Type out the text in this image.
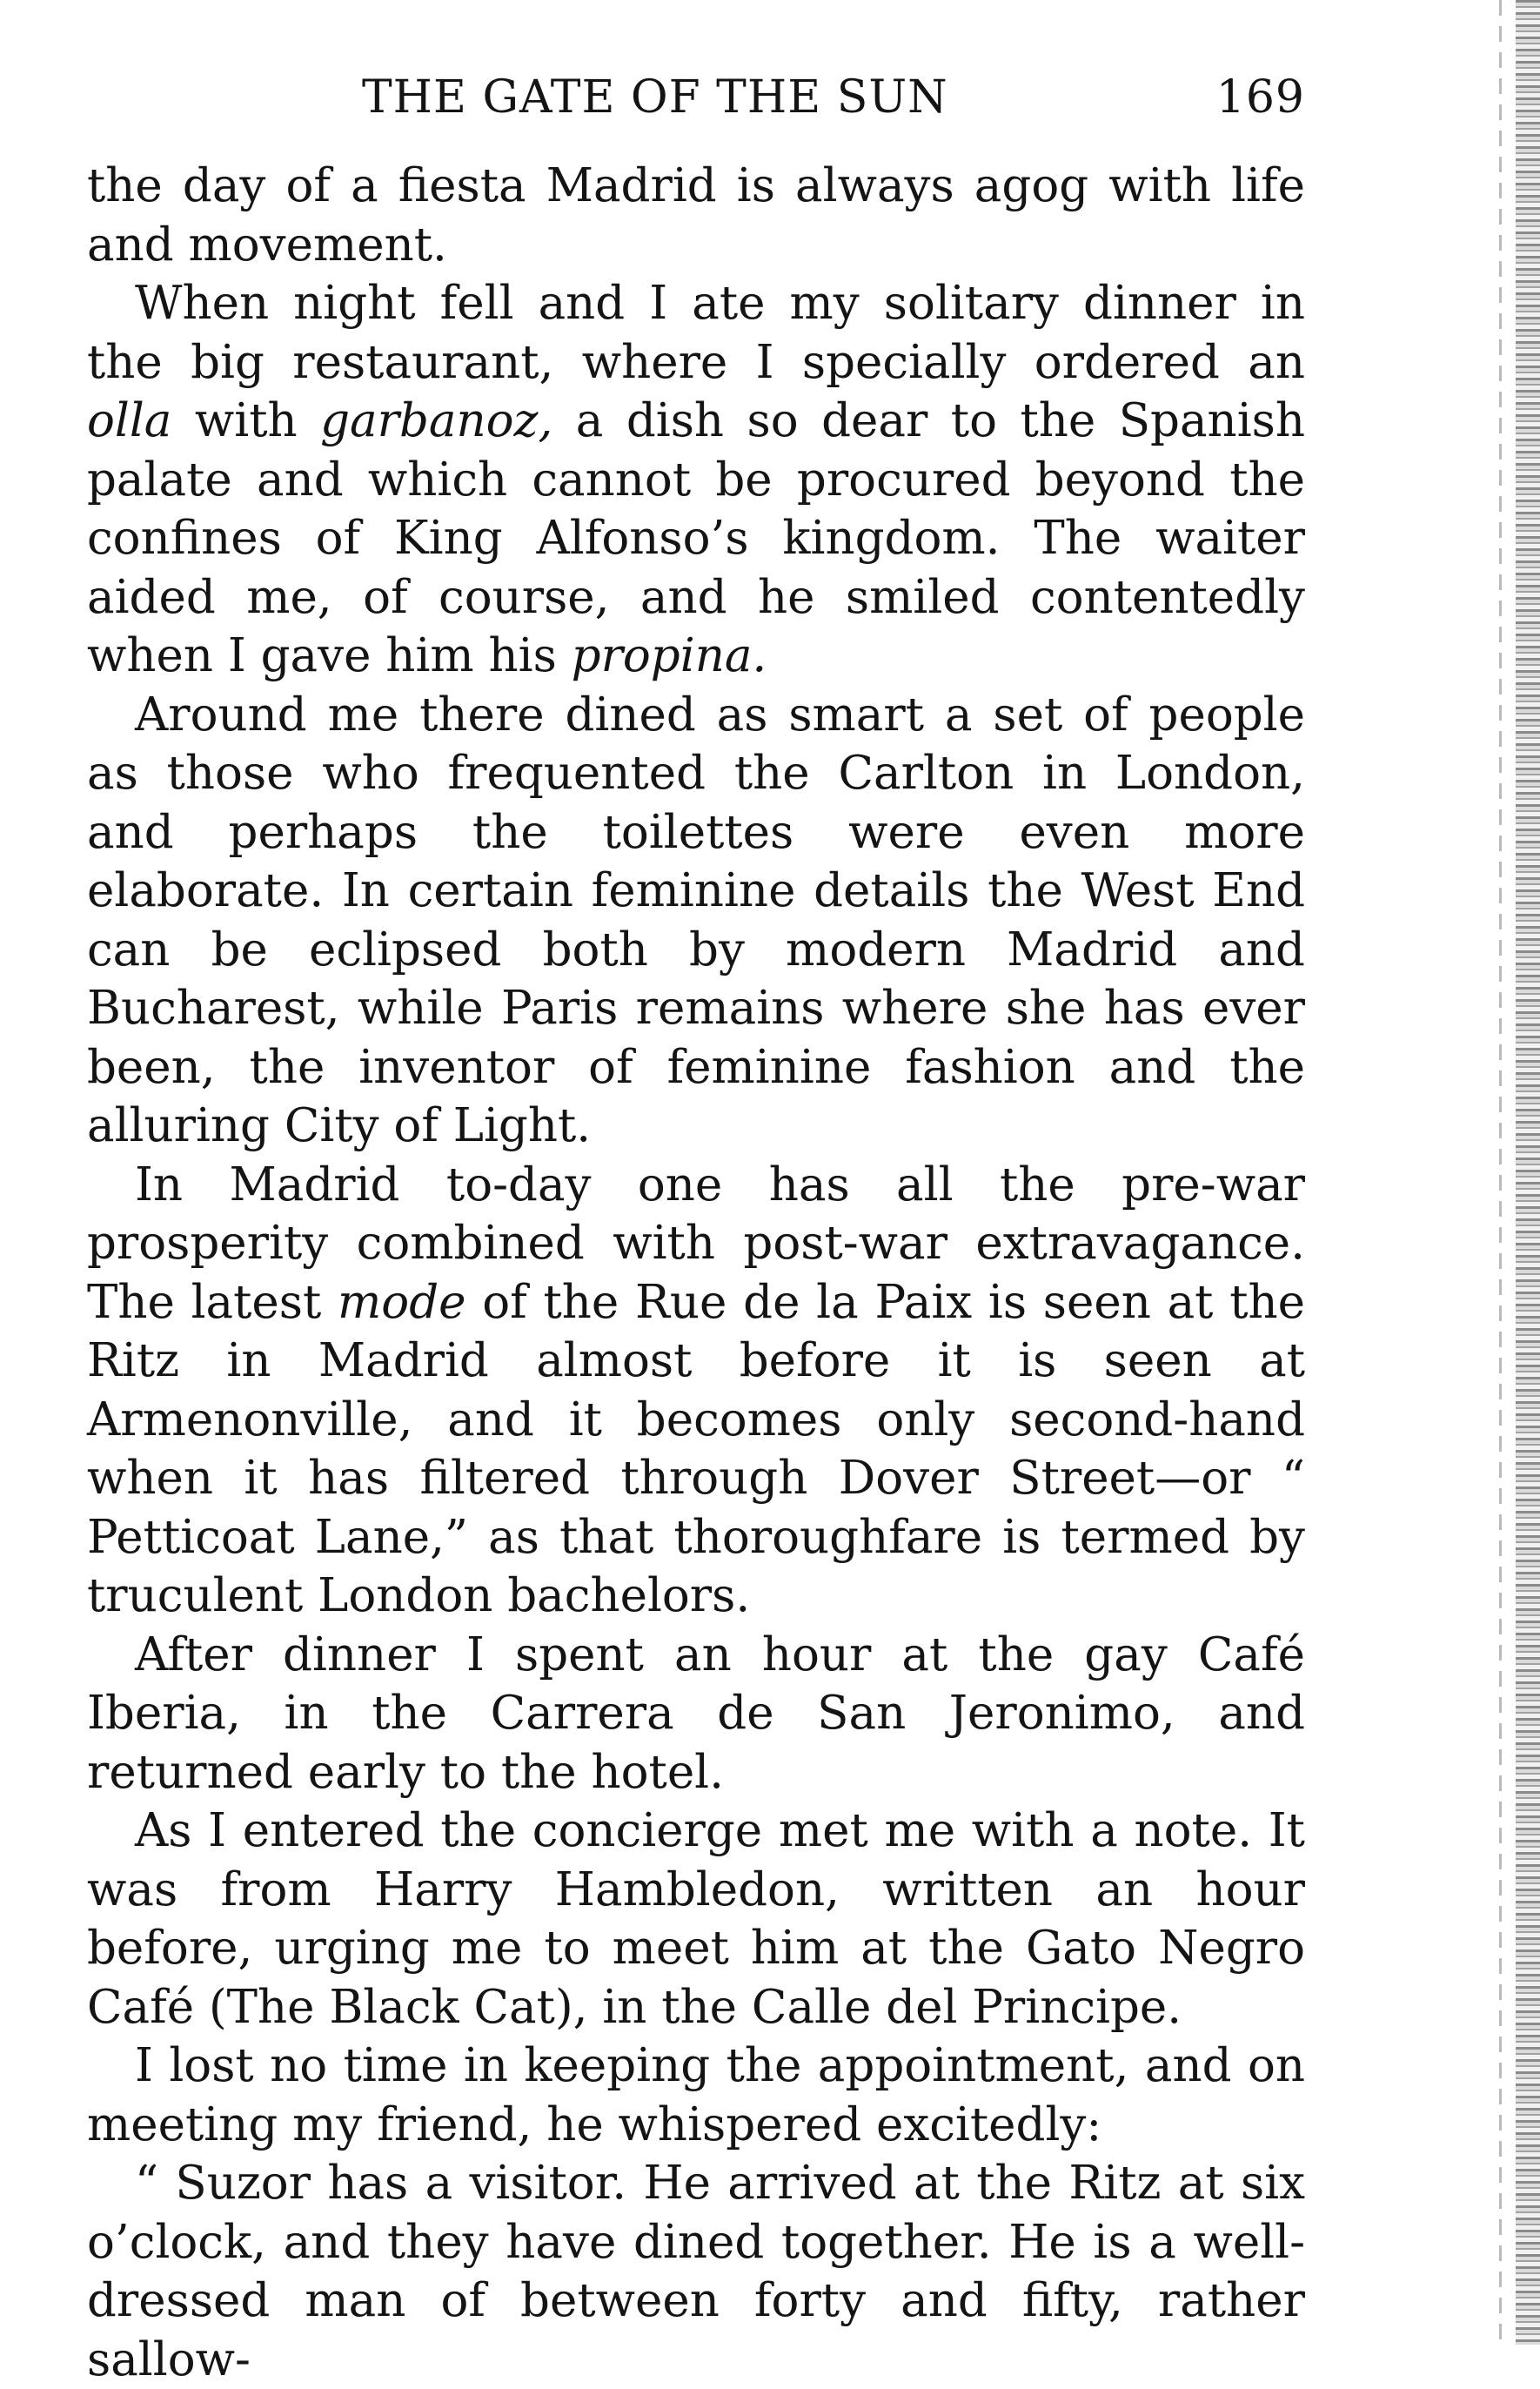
THE GATE OF THE SUN	169

the day of a fiesta Madrid is always agog with life and movement.

When night fell and I ate my solitary dinner in the big restaurant, where I specially ordered an olla with garbanoz, a dish so dear to the Spanish palate and which cannot be procured beyond the confines of King Alfonso’s kingdom. The waiter aided me, of course, and he smiled contentedly when I gave him his propina.

Around me there dined as smart a set of people as those who frequented the Carlton in London, and perhaps the toilettes were even more elaborate. In certain feminine details the West End can be eclipsed both by modern Madrid and Bucharest, while Paris remains where she has ever been, the inventor of feminine fashion and the alluring City of Light.

In Madrid to-day one has all the pre-war prosperity combined with post-war extravagance. The latest mode of the Rue de la Paix is seen at the Ritz in Madrid almost before it is seen at Armenonville, and it becomes only second-hand when it has filtered through Dover Street—or “ Petticoat Lane,” as that thoroughfare is termed by truculent London bachelors.

After dinner I spent an hour at the gay Café Iberia, in the Carrera de San Jeronimo, and returned early to the hotel.

As I entered the concierge met me with a note. It was from Harry Hambledon, written an hour before, urging me to meet him at the Gato Negro Café (The Black Cat), in the Calle del Principe.

I lost no time in keeping the appointment, and on meeting my friend, he whispered excitedly:

“ Suzor has a visitor. He arrived at the Ritz at six o’clock, and they have dined together. He is a well-dressed man of between forty and fifty, rather sallow-
